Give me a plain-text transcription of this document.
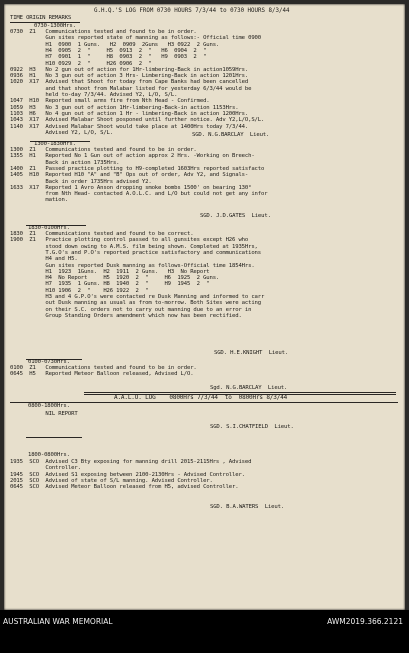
G.H.Q.'S LOG FROM 0730 HOURS 7/3/44 to 0730 HOURS 8/3/44
TIME ORIGIN REMARKS
0730-1300Hrs.
0730  Z1   Communications tested and found to be in order.
Gun sites reported state of manning as follows:- Official time 0900
H1  0900  1 Guns.   H2  0909  2Guns   H3 0922  2 Guns.
H4  0905  2  "     H5  0913  2  "   H6  0904  2  "
H7  0901  1  "     H8  0903  2  "   H9  0903  2  "
H10 0929  2  "     H26 0906  2  "
0922  H3   No 2 gun out of action for 1Hr-limbering-Back in action1059Hrs.
0936  H1   No 3 gun out of action 3 Hrs- Limbering-Back in action 1201Hrs.
1020  X17  Advised that Shoot for today from Cape Banks had been cancelled
and that shoot from Malabar listed for yesterday 6/3/44 would be
held to-day 7/3/44. Advised Y2, L/O, S/L.
1047  H10  Reported small arms fire from Nth Head - Confirmed.
1059  H3   No 3 gun out of action 1Hr-limbering-Back-in action 1153Hrs.
1103  H6   No 4 gun out of action 1 Hr - limbering-Back in action 1200Hrs.
1043  X17  Advised Malabar Shoot posponed until further notice. Adv Y2,L/O,S/L.
1140  X17  Advised Malabar Shoot would take place at 1400Hrs today 7/3/44.
Advised Y2, L/O, S/L.	SGD. N.G.BARCLAY  Lieut.
1300-1830Hrs.
1300  Z1   Communications tested and found to be in order.
1355  H1   Reported No 1 Gun out of action approx 2 Hrs. -Working on Breech-
Back in action 1735Hrs.
1400  Z1   Passed practice plotting to H9-completed 1603Hrs reported satisfacto
1405  H10  Reported H10 "A" and "B" Ops out of order, Adv Y2, and Signals-
Back in order 1735Hrs advised Y2.
1633  X17  Reported 1 Avro Anson dropping smoke bombs 1500' on bearing 130°
from Nth Head- contacted A.O.L.C. and L/O but could not get any infor
mation.
SGD. J.D.GATES  Lieut.
1830-0100Hrs.
1830  Z1   Communications tested and found to be correct.
1900  Z1   Practice plotting control passed to all gunsites except H26 who
stood down owing to A.M.S. film being shown. Completed at 1935Hrs,
T.G.O's and P.O's reported practice satisfactory and communications
H4 and H5.
Gun sites reported Dusk manning as follows-Official time 1854Hrs.
H1  1923  1Guns.  H2  1911  2 Guns.   H3  No Report
H4  No Report     H5  1920  2  "     H6  1925  2 Guns.
H7  1935  1 Guns. H8  1940  2  "     H9  1945  2  "
H10 1906  2  "    H26 1922  2  "
H3 and 4 G.P.O's were contacted re Dusk Manning and informed to carr
out Dusk manning as usual as from to-morrow. Both Sites were acting
on their S.C. orders not to carry out manning due to an error in
Group Standing Orders amendment which now has been rectified.
SGD. H.E.KNIGHT  Lieut.
0100-0730Hrs.
0100  Z1   Communications tested and found to be in order.
0645  H5   Reported Meteor Balloon released, Advised L/O.
Sgd. N.G.BARCLAY  Lieut.
A.A.L.O. LOG    0800Hrs 7/3/44  to  0800Hrs 8/3/44
0800-1800Hrs.
NIL REPORT
SGD. S.I.CHATFIELD  Lieut.
1800-0800Hrs.
1935  SCO  Advised C3 Bty exposing for manning drill 2015-2115Hrs , Advised
Controller.
1945  SCO  Advised S1 exposing between 2100-2130Hrs - Advised Controller.
2015  SCO  Advised of state of S/L manning. Advised Controller.
0645  SCO  Advised Meteor Balloon released from H5, advised Controller.
SGD. B.A.WATERS  Lieut.
AUSTRALIAN WAR MEMORIAL	AWM2019.366.2121
